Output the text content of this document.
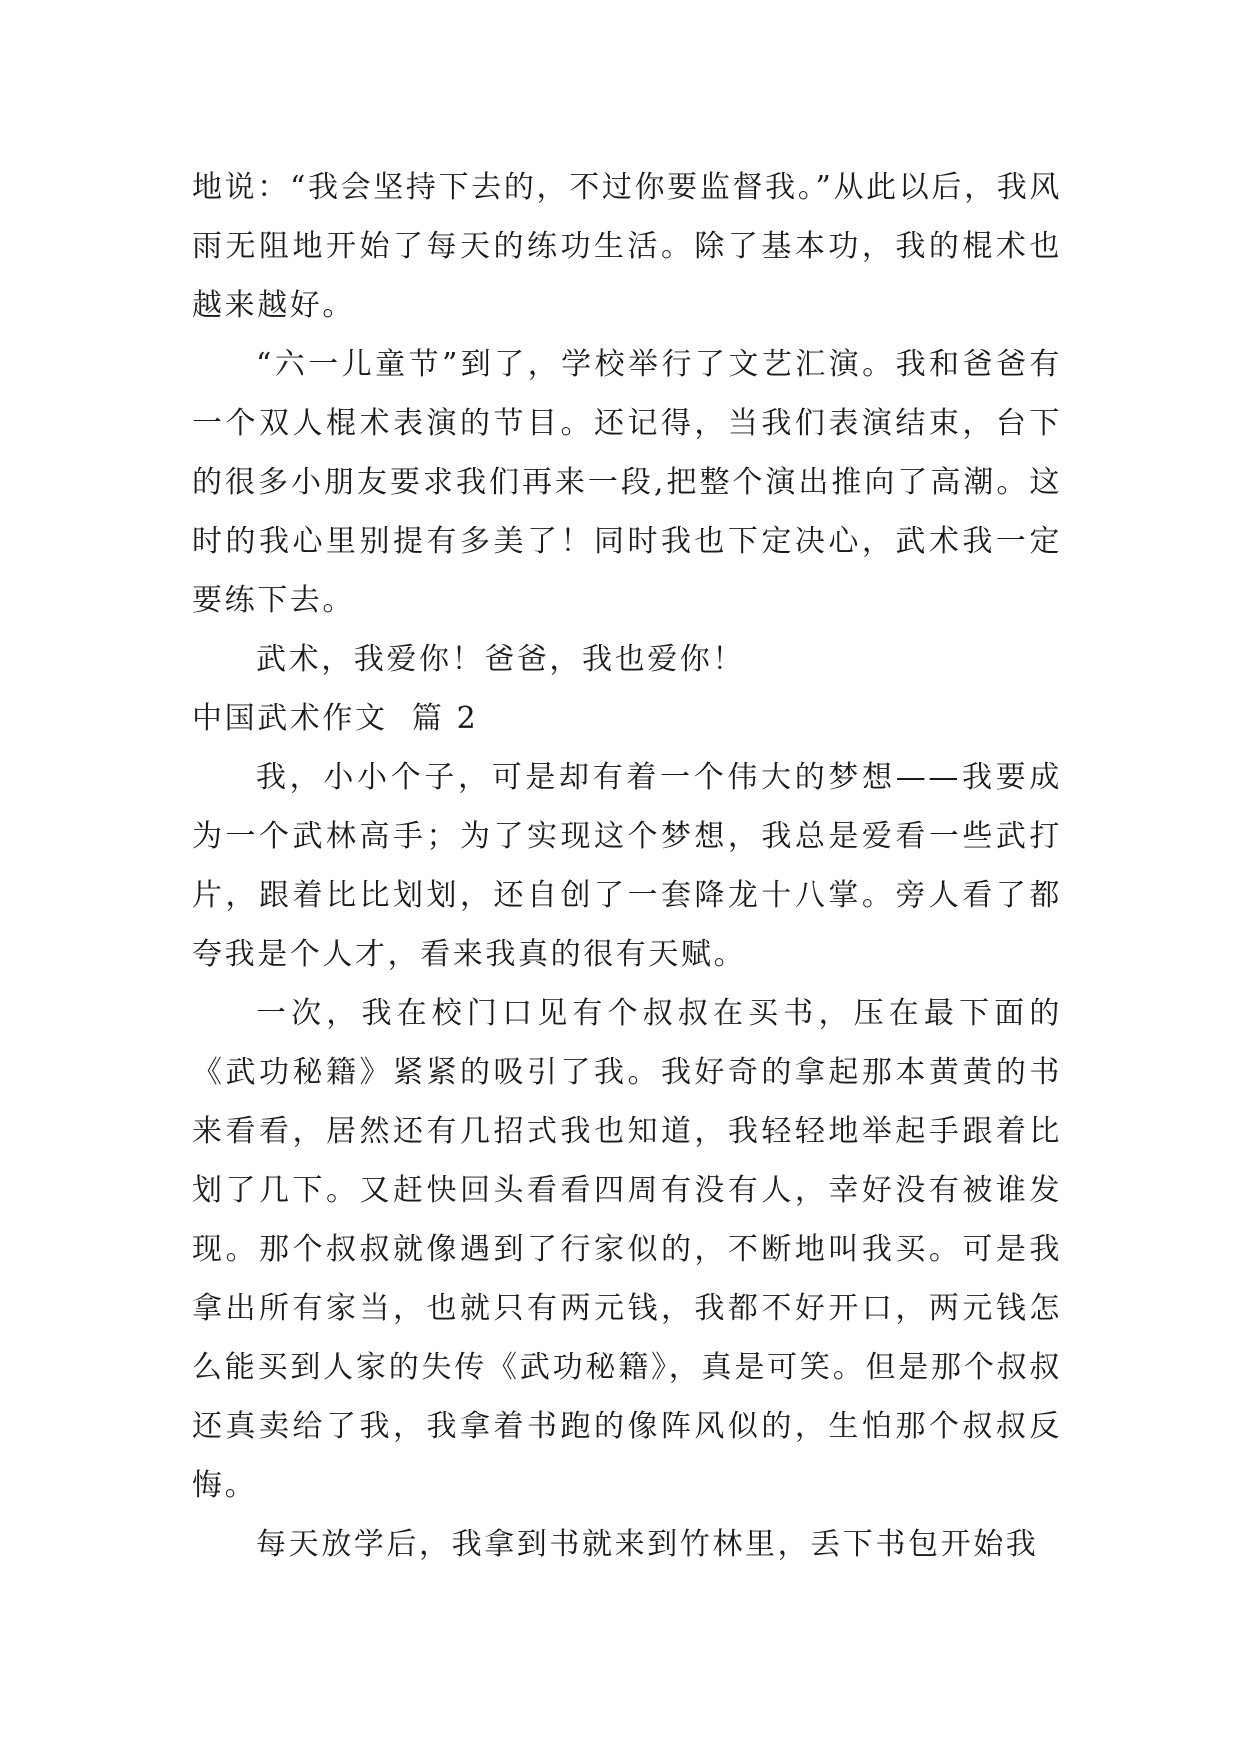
地说：“我会坚持下去的，不过你要监督我。”从此以后，我风雨无阻地开始了每天的练功生活。除了基本功，我的棍术也越来越好。

“六一儿童节”到了，学校举行了文艺汇演。我和爸爸有一个双人棍术表演的节目。还记得，当我们表演结束，台下的很多小朋友要求我们再来一段,把整个演出推向了高潮。这时的我心里别提有多美了！同时我也下定决心，武术我一定要练下去。

武术，我爱你！爸爸，我也爱你！

中国武术作文  篇 2

我，小小个子，可是却有着一个伟大的梦想——我要成为一个武林高手；为了实现这个梦想，我总是爱看一些武打片，跟着比比划划，还自创了一套降龙十八掌。旁人看了都夸我是个人才，看来我真的很有天赋。

一次，我在校门口见有个叔叔在买书，压在最下面的《武功秘籍》紧紧的吸引了我。我好奇的拿起那本黄黄的书来看看，居然还有几招式我也知道，我轻轻地举起手跟着比划了几下。又赶快回头看看四周有没有人，幸好没有被谁发现。那个叔叔就像遇到了行家似的，不断地叫我买。可是我拿出所有家当，也就只有两元钱，我都不好开口，两元钱怎么能买到人家的失传《武功秘籍》，真是可笑。但是那个叔叔还真卖给了我，我拿着书跑的像阵风似的，生怕那个叔叔反悔。

每天放学后，我拿到书就来到竹林里，丢下书包开始我
